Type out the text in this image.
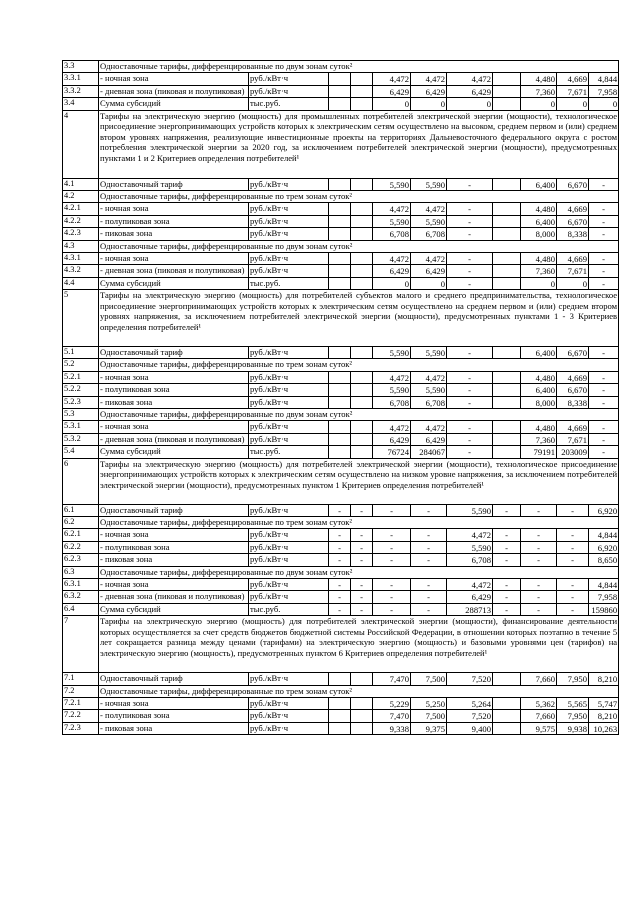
3.3	Одноставочные тарифы, дифференцированные по двум зонам суток²										
3.3.1	- ночная зона	руб./кВт·ч			4,472	4,472	4,472		4,480	4,669	4,844
3.3.2	- дневная зона (пиковая и полупиковая)	руб./кВт·ч			6,429	6,429	6,429		7,360	7,671	7,958
3.4	Сумма субсидий	тыс.руб.			0	0	0		0	0	0
4	Тарифы на электрическую энергию (мощность) для промышленных потребителей электрической энергии (мощности), технологическое присоединение энергопринимающих устройств которых к электрическим сетям осуществлено на высоком, среднем первом и (или) среднем втором уровнях напряжения, реализующие инвестиционные проекты на территориях Дальневосточного федерального округа с ростом потребления электрической энергии за 2020 год, за исключением потребителей электрической энергии (мощности), предусмотренных пунктами 1 и 2 Критериев определения потребителей¹										
4.1	Одноставочный тариф	руб./кВт·ч			5,590	5,590	-		6,400	6,670	-
4.2	Одноставочные тарифы, дифференцированные по трем зонам суток²										
4.2.1	- ночная зона	руб./кВт·ч			4,472	4,472	-		4,480	4,669	-
4.2.2	- полупиковая зона	руб./кВт·ч			5,590	5,590	-		6,400	6,670	-
4.2.3	- пиковая зона	руб./кВт·ч			6,708	6,708	-		8,000	8,338	-
4.3	Одноставочные тарифы, дифференцированные по двум зонам суток²										
4.3.1	- ночная зона	руб./кВт·ч			4,472	4,472	-		4,480	4,669	-
4.3.2	- дневная зона (пиковая и полупиковая)	руб./кВт·ч			6,429	6,429	-		7,360	7,671	-
4.4	Сумма субсидий	тыс.руб.			0	0	-		0	0	-
5	Тарифы на электрическую энергию (мощность) для потребителей субъектов малого и среднего предпринимательства, технологическое присоединение энергопринимающих устройств которых к электрическим сетям осуществлено на среднем первом и (или) среднем втором уровнях напряжения, за исключением потребителей электрической энергии (мощности), предусмотренных пунктами 1 - 3 Критериев определения потребителей¹										
5.1	Одноставочный тариф	руб./кВт·ч			5,590	5,590	-		6,400	6,670	-
5.2	Одноставочные тарифы, дифференцированные по трем зонам суток²										
5.2.1	- ночная зона	руб./кВт·ч			4,472	4,472	-		4,480	4,669	-
5.2.2	- полупиковая зона	руб./кВт·ч			5,590	5,590	-		6,400	6,670	-
5.2.3	- пиковая зона	руб./кВт·ч			6,708	6,708	-		8,000	8,338	-
5.3	Одноставочные тарифы, дифференцированные по двум зонам суток²										
5.3.1	- ночная зона	руб./кВт·ч			4,472	4,472	-		4,480	4,669	-
5.3.2	- дневная зона (пиковая и полупиковая)	руб./кВт·ч			6,429	6,429	-		7,360	7,671	-
5.4	Сумма субсидий	тыс.руб.			76724	284067	-		79191	203009	-
6	Тарифы на электрическую энергию (мощность) для потребителей электрической энергии (мощности), технологическое присоединение энергопринимающих устройств которых к электрическим сетям осуществлено на низком уровне напряжения, за исключением потребителей электрической энергии (мощности), предусмотренных пунктом 1 Критериев определения потребителей¹										
6.1	Одноставочный тариф	руб./кВт·ч	-	-	-	-	5,590	-	-	-	6,920
6.2	Одноставочные тарифы, дифференцированные по трем зонам суток²										
6.2.1	- ночная зона	руб./кВт·ч	-	-	-	-	4,472	-	-	-	4,844
6.2.2	- полупиковая зона	руб./кВт·ч	-	-	-	-	5,590	-	-	-	6,920
6.2.3	- пиковая зона	руб./кВт·ч	-	-	-	-	6,708	-	-	-	8,650
6.3	Одноставочные тарифы, дифференцированные по двум зонам суток²										
6.3.1	- ночная зона	руб./кВт·ч	-	-	-	-	4,472	-	-	-	4,844
6.3.2	- дневная зона (пиковая и полупиковая)	руб./кВт·ч	-	-	-	-	6,429	-	-	-	7,958
6.4	Сумма субсидий	тыс.руб.	-	-	-	-	288713	-	-	-	159860
7	Тарифы на электрическую энергию (мощность) для потребителей электрической энергии (мощности), финансирование деятельности которых осуществляется за счет средств бюджетов бюджетной системы Российской Федерации, в отношении которых поэтапно в течение 5 лет сокращается разница между ценами (тарифами) на электрическую энергию (мощность) и базовыми уровнями цен (тарифов) на электрическую энергию (мощность), предусмотренных пунктом 6 Критериев определения потребителей¹										
7.1	Одноставочный тариф	руб./кВт·ч			7,470	7,500	7,520		7,660	7,950	8,210
7.2	Одноставочные тарифы, дифференцированные по трем зонам суток²										
7.2.1	- ночная зона	руб./кВт·ч			5,229	5,250	5,264		5,362	5,565	5,747
7.2.2	- полупиковая зона	руб./кВт·ч			7,470	7,500	7,520		7,660	7,950	8,210
7.2.3	- пиковая зона	руб./кВт·ч			9,338	9,375	9,400		9,575	9,938	10,263
